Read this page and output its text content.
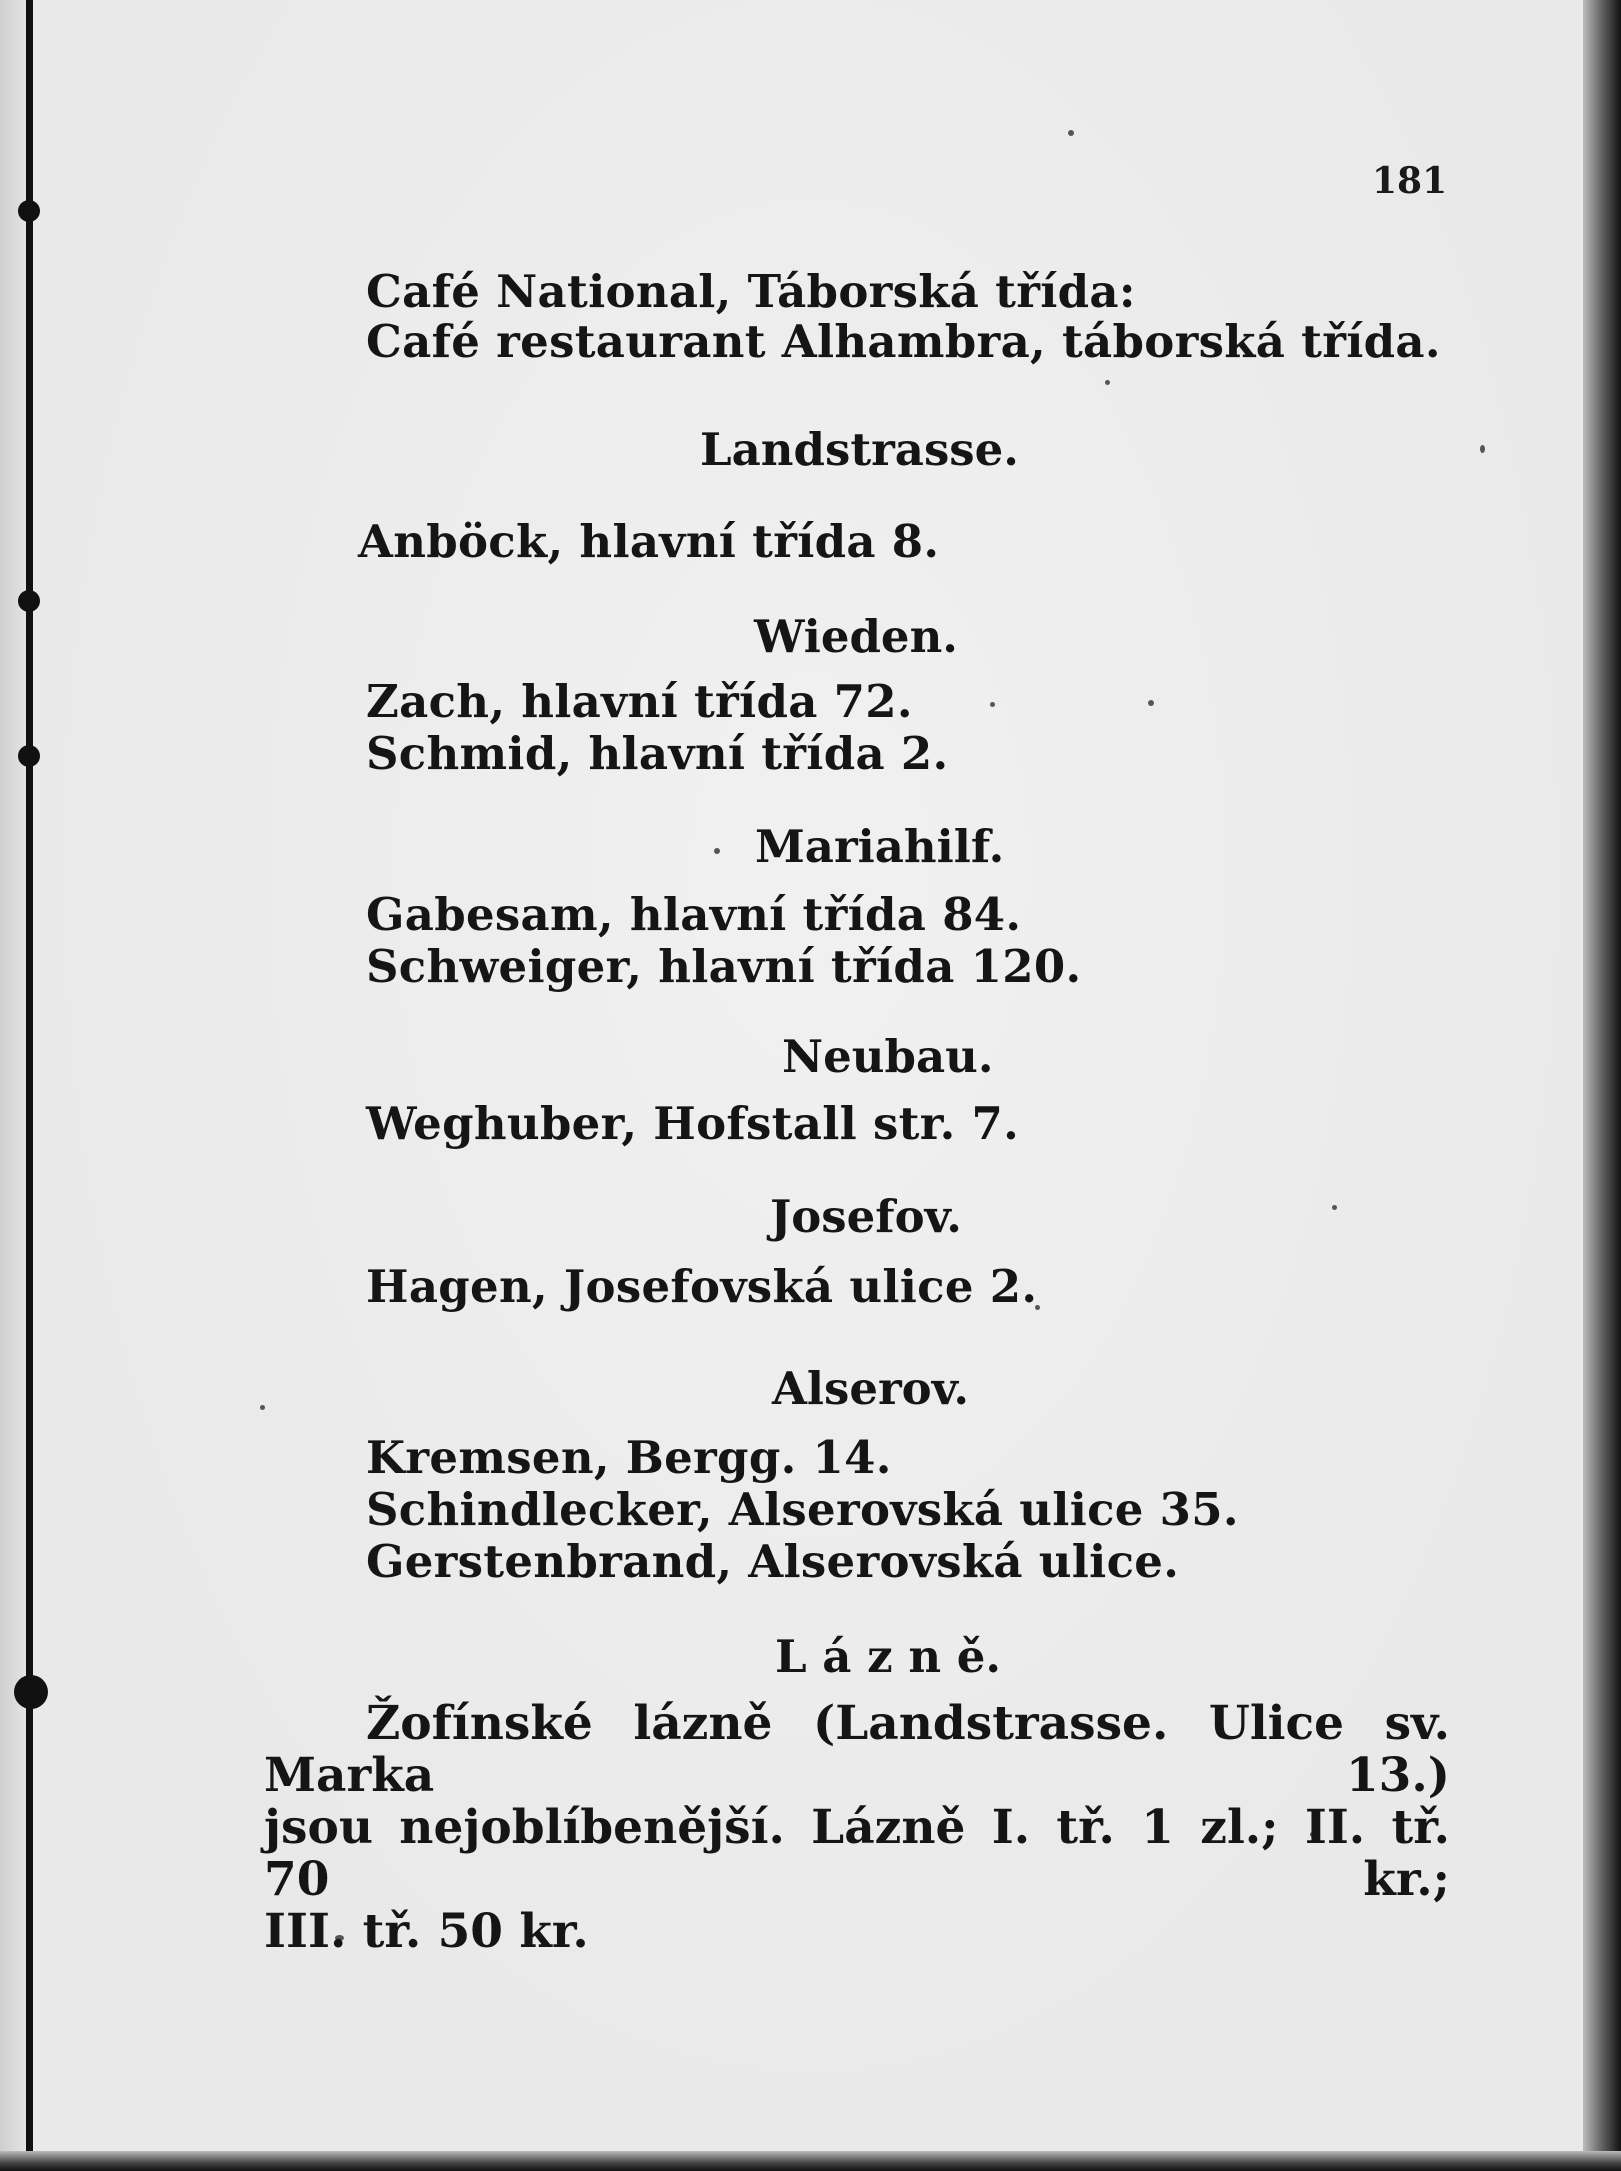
181
Café National, Táborská třída:
Café restaurant Alhambra, táborská třída.
Landstrasse.
Anböck, hlavní třída 8.
Wieden.
Zach, hlavní třída 72.
Schmid, hlavní třída 2.
Mariahilf.
Gabesam, hlavní třída 84.
Schweiger, hlavní třída 120.
Neubau.
Weghuber, Hofstall str. 7.
Josefov.
Hagen, Josefovská ulice 2.
Alserov.
Kremsen, Bergg. 14.
Schindlecker, Alserovská ulice 35.
Gerstenbrand, Alserovská ulice.
L á z n ě.
Žofínské lázně (Landstrasse. Ulice sv. Marka 13.)
jsou nejoblíbenější. Lázně I. tř. 1 zl.; II. tř. 70 kr.;
III. tř. 50 kr.
